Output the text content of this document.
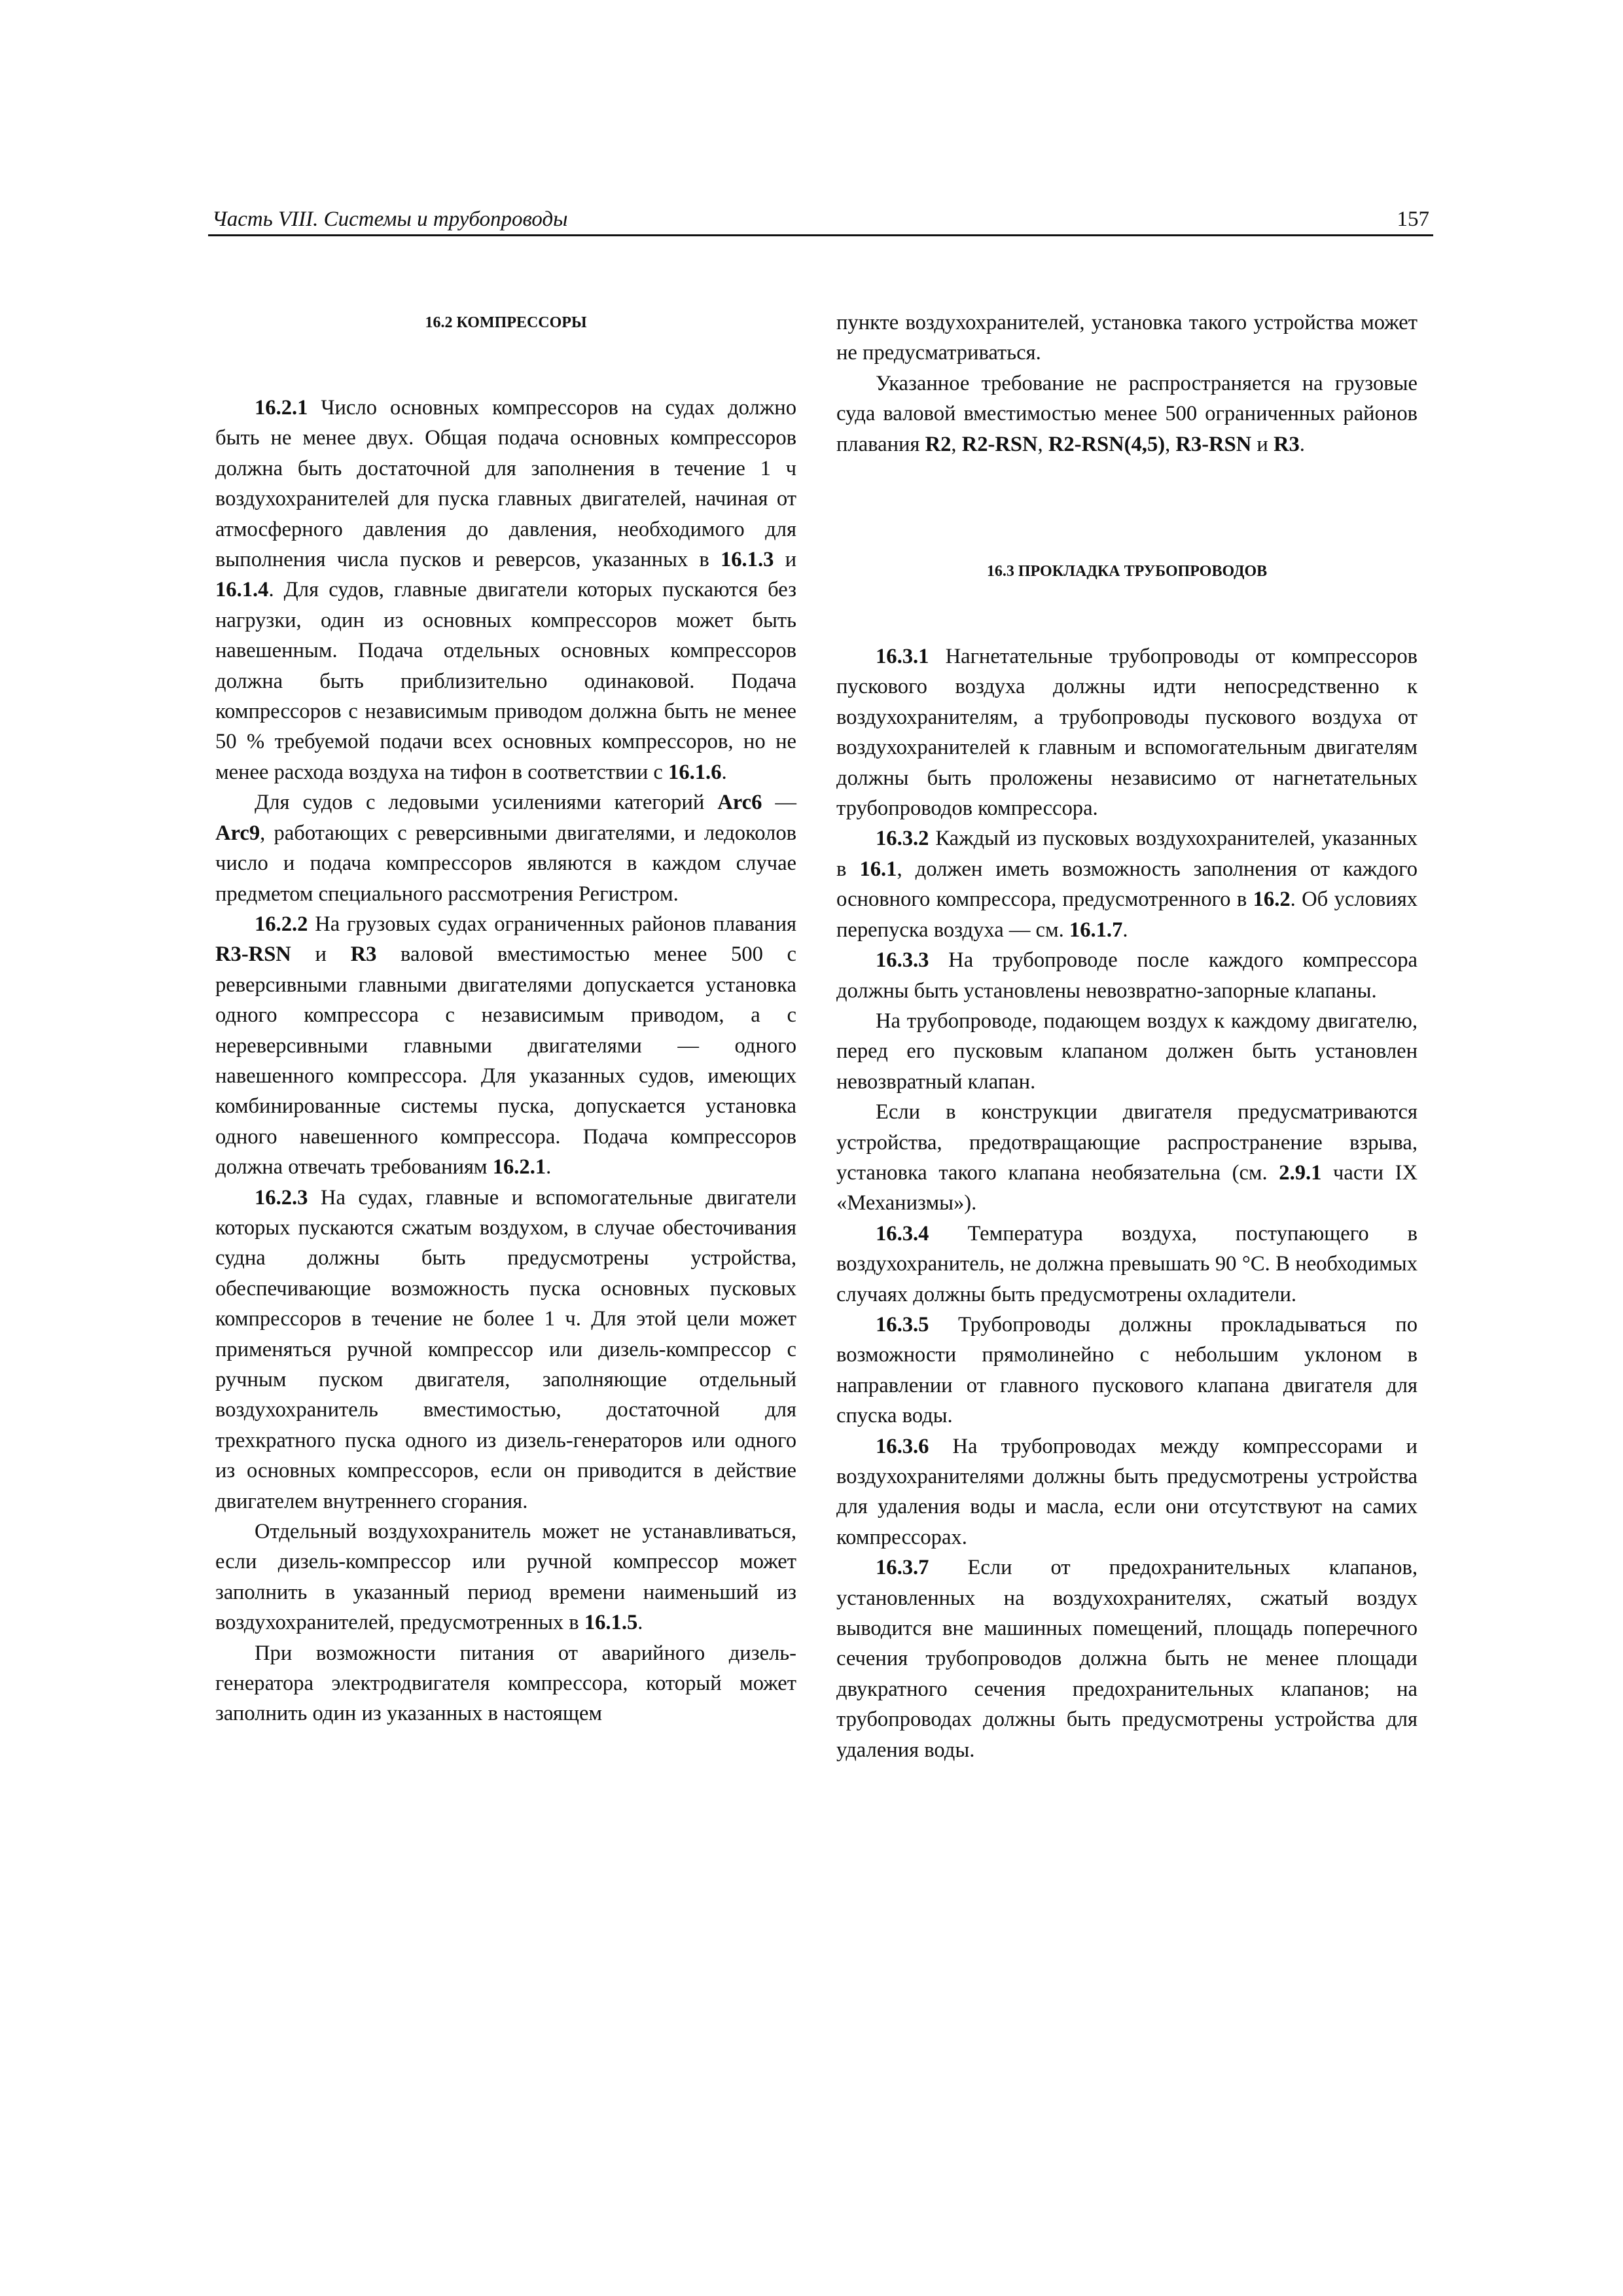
Часть VIII. Системы и трубопроводы	157
16.2 КОМПРЕССОРЫ

16.2.1 Число основных компрессоров на судах должно быть не менее двух. Общая подача основных компрессоров должна быть достаточной для заполнения в течение 1 ч воздухохранителей для пуска главных двигателей, начиная от атмосферного давления до давления, необходимого для выполнения числа пусков и реверсов, указанных в 16.1.3 и 16.1.4. Для судов, главные двигатели которых пускаются без нагрузки, один из основных компрессоров может быть навешенным. Подача отдельных основных компрессоров должна быть приблизительно одинаковой. Подача компрессоров с независимым приводом должна быть не менее 50 % требуемой подачи всех основных компрессоров, но не менее расхода воздуха на тифон в соответствии с 16.1.6.

Для судов с ледовыми усилениями категорий Arc6 — Arc9, работающих с реверсивными двигателями, и ледоколов число и подача компрессоров являются в каждом случае предметом специального рассмотрения Регистром.

16.2.2 На грузовых судах ограниченных районов плавания R3-RSN и R3 валовой вместимостью менее 500 с реверсивными главными двигателями допускается установка одного компрессора с независимым приводом, а с нереверсивными главными двигателями — одного навешенного компрессора. Для указанных судов, имеющих комбинированные системы пуска, допускается установка одного навешенного компрессора. Подача компрессоров должна отвечать требованиям 16.2.1.

16.2.3 На судах, главные и вспомогательные двигатели которых пускаются сжатым воздухом, в случае обесточивания судна должны быть предусмотрены устройства, обеспечивающие возможность пуска основных пусковых компрессоров в течение не более 1 ч. Для этой цели может применяться ручной компрессор или дизель-компрессор с ручным пуском двигателя, заполняющие отдельный воздухохранитель вместимостью, достаточной для трехкратного пуска одного из дизель-генераторов или одного из основных компрессоров, если он приводится в действие двигателем внутреннего сгорания.

Отдельный воздухохранитель может не устанавливаться, если дизель-компрессор или ручной компрессор может заполнить в указанный период времени наименьший из воздухохранителей, предусмотренных в 16.1.5.

При возможности питания от аварийного дизель-генератора электродвигателя компрессора, который может заполнить один из указанных в настоящем

пункте воздухохранителей, установка такого устройства может не предусматриваться.

Указанное требование не распространяется на грузовые суда валовой вместимостью менее 500 ограниченных районов плавания R2, R2-RSN, R2-RSN(4,5), R3-RSN и R3.

16.3 ПРОКЛАДКА ТРУБОПРОВОДОВ

16.3.1 Нагнетательные трубопроводы от компрессоров пускового воздуха должны идти непосредственно к воздухохранителям, а трубопроводы пускового воздуха от воздухохранителей к главным и вспомогательным двигателям должны быть проложены независимо от нагнетательных трубопроводов компрессора.

16.3.2 Каждый из пусковых воздухохранителей, указанных в 16.1, должен иметь возможность заполнения от каждого основного компрессора, предусмотренного в 16.2. Об условиях перепуска воздуха — см. 16.1.7.

16.3.3 На трубопроводе после каждого компрессора должны быть установлены невозвратно-запорные клапаны.

На трубопроводе, подающем воздух к каждому двигателю, перед его пусковым клапаном должен быть установлен невозвратный клапан.

Если в конструкции двигателя предусматриваются устройства, предотвращающие распространение взрыва, установка такого клапана необязательна (см. 2.9.1 части IX «Механизмы»).

16.3.4 Температура воздуха, поступающего в воздухохранитель, не должна превышать 90 °C. В необходимых случаях должны быть предусмотрены охладители.

16.3.5 Трубопроводы должны прокладываться по возможности прямолинейно с небольшим уклоном в направлении от главного пускового клапана двигателя для спуска воды.

16.3.6 На трубопроводах между компрессорами и воздухохранителями должны быть предусмотрены устройства для удаления воды и масла, если они отсутствуют на самих компрессорах.

16.3.7 Если от предохранительных клапанов, установленных на воздухохранителях, сжатый воздух выводится вне машинных помещений, площадь поперечного сечения трубопроводов должна быть не менее площади двукратного сечения предохранительных клапанов; на трубопроводах должны быть предусмотрены устройства для удаления воды.
